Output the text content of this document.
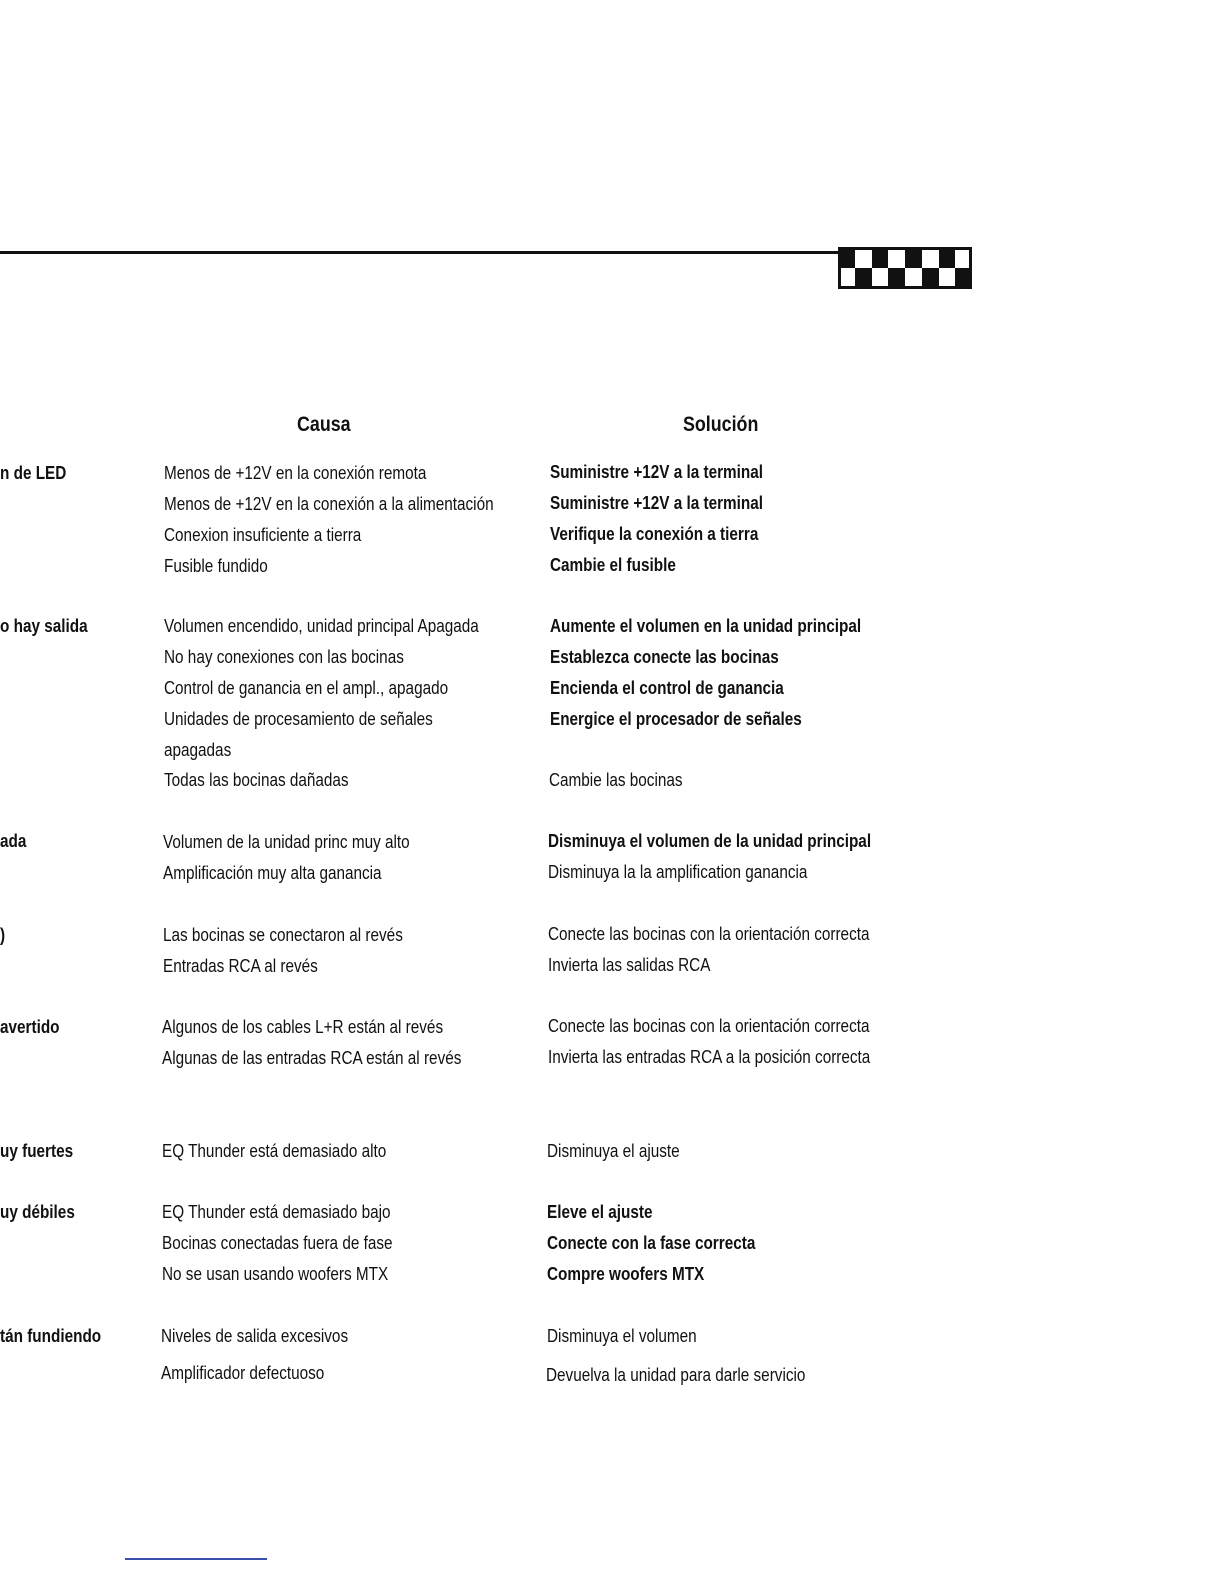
Causa	Solución
n de LED
o hay salida
ada
)
avertido
uy fuertes
uy débiles
tán fundiendo
Menos de +12V en la conexión remota
Menos de +12V en la conexión a la alimentación
Conexion insuficiente a tierra
Fusible fundido
Volumen encendido, unidad principal Apagada
No hay conexiones con las bocinas
Control de ganancia en el ampl., apagado
Unidades de procesamiento de señales
apagadas
Todas las bocinas dañadas
Volumen de la unidad princ muy alto
Amplificación muy alta ganancia
Las bocinas se conectaron al revés
Entradas RCA al revés
Algunos de los cables L+R están al revés
Algunas de las entradas RCA están al revés
EQ Thunder está demasiado alto
EQ Thunder está demasiado bajo
Bocinas conectadas fuera de fase
No se usan usando woofers MTX
Niveles de salida excesivos
Amplificador defectuoso
Suministre +12V a la terminal
Suministre +12V a la terminal
Verifique la conexión a tierra
Cambie el fusible
Aumente el volumen en la unidad principal
Establezca conecte las bocinas
Encienda el control de ganancia
Energice el procesador de señales
Cambie las bocinas
Disminuya el volumen de la unidad principal
Disminuya la la amplification ganancia
Conecte las bocinas con la orientación correcta
Invierta las salidas RCA
Conecte las bocinas con la orientación correcta
Invierta las entradas RCA a la posición correcta
Disminuya el ajuste
Eleve el ajuste
Conecte con la fase correcta
Compre woofers MTX
Disminuya el volumen
Devuelva la unidad para darle servicio
